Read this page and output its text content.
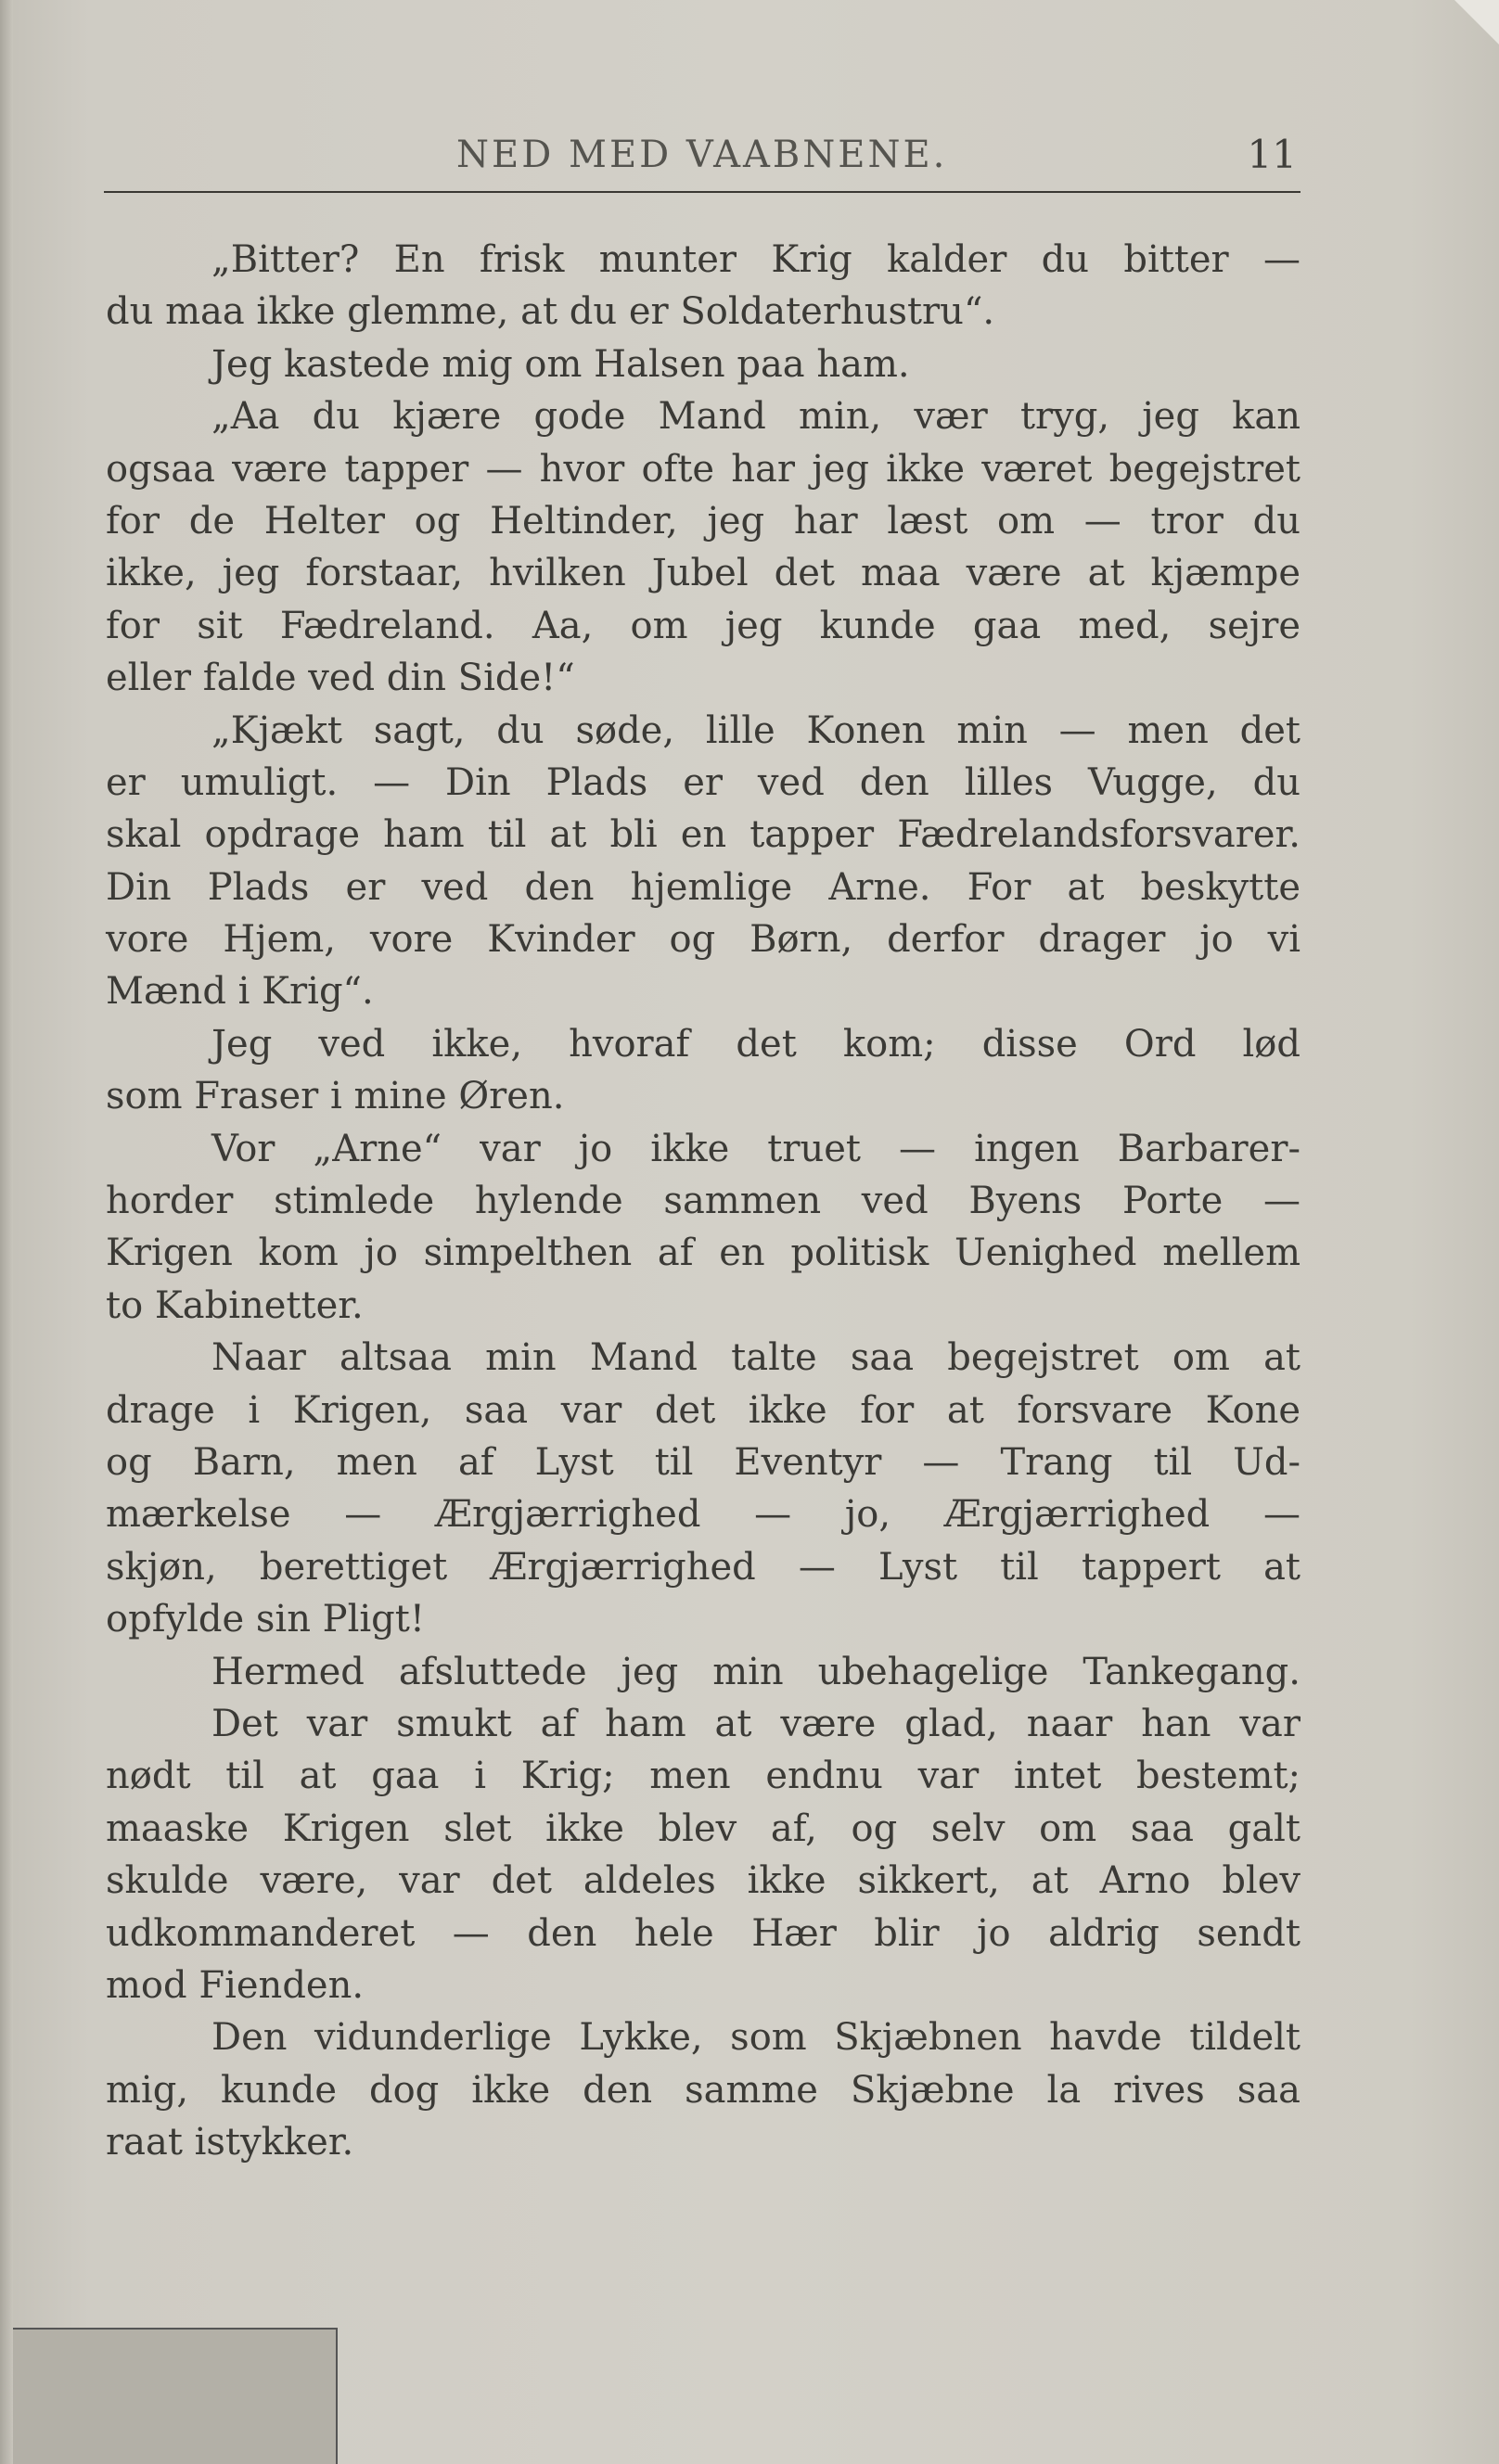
NED MED VAABNENE.	11
„Bitter? En frisk munter Krig kalder du bitter —
du maa ikke glemme, at du er Soldaterhustru“.
Jeg kastede mig om Halsen paa ham.
„Aa du kjære gode Mand min, vær tryg, jeg kan
ogsaa være tapper — hvor ofte har jeg ikke været begejstret
for de Helter og Heltinder, jeg har læst om — tror du
ikke, jeg forstaar, hvilken Jubel det maa være at kjæmpe
for sit Fædreland. Aa, om jeg kunde gaa med, sejre
eller falde ved din Side!“
„Kjækt sagt, du søde, lille Konen min — men det
er umuligt. — Din Plads er ved den lilles Vugge, du
skal opdrage ham til at bli en tapper Fædrelandsforsvarer.
Din Plads er ved den hjemlige Arne. For at beskytte
vore Hjem, vore Kvinder og Børn, derfor drager jo vi
Mænd i Krig“.
Jeg ved ikke, hvoraf det kom; disse Ord lød
som Fraser i mine Øren.
Vor „Arne“ var jo ikke truet — ingen Barbarer-
horder stimlede hylende sammen ved Byens Porte —
Krigen kom jo simpelthen af en politisk Uenighed mellem
to Kabinetter.
Naar altsaa min Mand talte saa begejstret om at
drage i Krigen, saa var det ikke for at forsvare Kone
og Barn, men af Lyst til Eventyr — Trang til Ud-
mærkelse — Ærgjærrighed — jo, Ærgjærrighed —
skjøn, berettiget Ærgjærrighed — Lyst til tappert at
opfylde sin Pligt!
Hermed afsluttede jeg min ubehagelige Tankegang.
Det var smukt af ham at være glad, naar han var
nødt til at gaa i Krig; men endnu var intet bestemt;
maaske Krigen slet ikke blev af, og selv om saa galt
skulde være, var det aldeles ikke sikkert, at Arno blev
udkommanderet — den hele Hær blir jo aldrig sendt
mod Fienden.
Den vidunderlige Lykke, som Skjæbnen havde tildelt
mig, kunde dog ikke den samme Skjæbne la rives saa
raat istykker.
